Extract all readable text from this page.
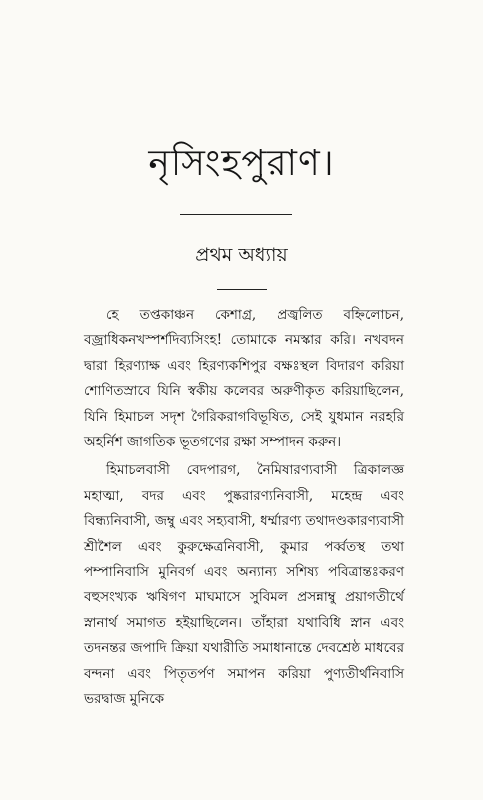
নৃসিংহপুরাণ।
প্রথম অধ্যায়

হে তপ্তকাঞ্চন কেশাগ্র, প্রজ্বলিত বহ্নিলোচন, বজ্রাধিকনখস্পর্শদিব্যসিংহ! তোমাকে নমস্কার করি। নখবদন দ্বারা হিরণ্যাক্ষ এবং হিরণ্যকশিপুর বক্ষঃস্থল বিদারণ করিয়া শোণিতস্রাবে যিনি স্বকীয় কলেবর অরুণীকৃত করিয়াছিলেন, যিনি হিমাচল সদৃশ গৈরিকরাগবিভূষিত, সেই যুধমান নরহরি অহর্নিশ জাগতিক ভূতগণের রক্ষা সম্পাদন করুন।

হিমাচলবাসী বেদপারগ, নৈমিষারণ্যবাসী ত্রিকালজ্ঞ মহাত্মা, বদর এবং পুষ্করারণ্যনিবাসী, মহেন্দ্র এবং বিন্ধ্যনিবাসী, জম্বু এবং সহ্যবাসী, ধর্ম্মারণ্য তথাদণ্ডকারণ্যবাসী শ্রীশৈল এবং কুরুক্ষেত্রনিবাসী, কুমার পর্ব্বতস্থ তথা পম্পানিবাসি মুনিবর্গ এবং অন্যান্য সশিষ্য পবিত্রান্তঃকরণ বহুসংখ্যক ঋষিগণ মাঘমাসে সুবিমল প্রসন্নাম্বু প্রয়াগতীর্থে স্নানার্থ সমাগত হইয়াছিলেন। তাঁহারা যথাবিধি স্নান এবং তদনন্তর জপাদি ক্রিয়া যথারীতি সমাধানান্তে দেবশ্রেষ্ঠ মাধবের বন্দনা এবং পিতৃতর্পণ সমাপন করিয়া পুণ্যতীর্থনিবাসি ভরদ্বাজ মুনিকে
